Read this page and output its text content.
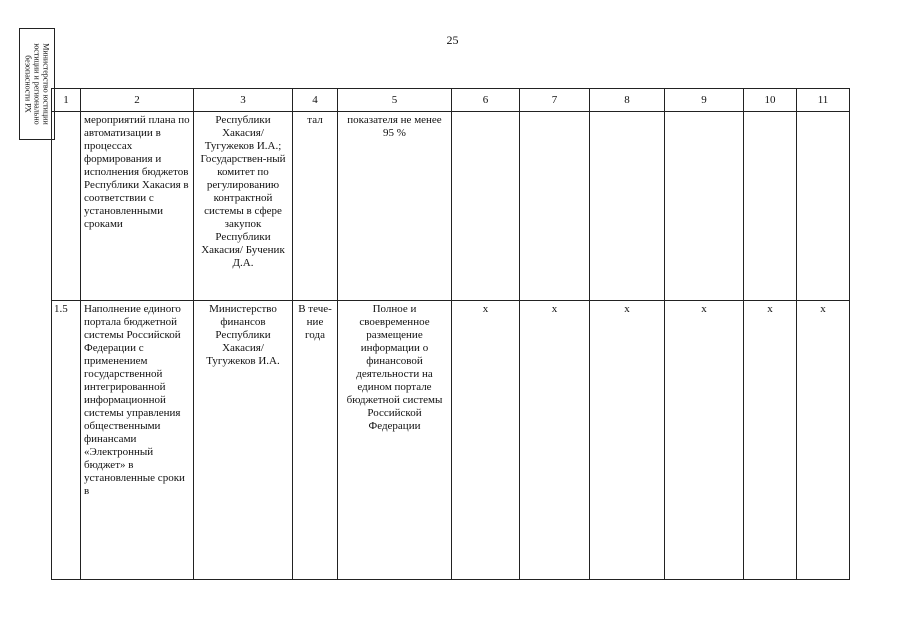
25
Министерство юстиции
юстиции и регионально
безопасности РХ	1	2	3	4	5	6	7	8	9	10	11
	мероприятий плана по автоматизации в процессах формирования и исполнения бюджетов Республики Хакасия в соответствии с установленными сроками	Республики Хакасия/ Тугужеков И.А.; Государствен-ный комитет по регулированию контрактной системы в сфере закупок Республики Хакасия/ Бученик Д.А.	тал	показателя не менее 95 %						
1.5	Наполнение единого портала бюджетной системы Российской Федерации с применением государственной интегрированной информационной системы управления общественными финансами «Электронный бюджет» в установленные сроки в	Министерство финансов Республики Хакасия/ Тугужеков И.А.	В тече-ние года	Полное и своевременное размещение информации о финансовой деятельности на едином портале бюджетной системы Российской Федерации	х	х	х	х	х	х
